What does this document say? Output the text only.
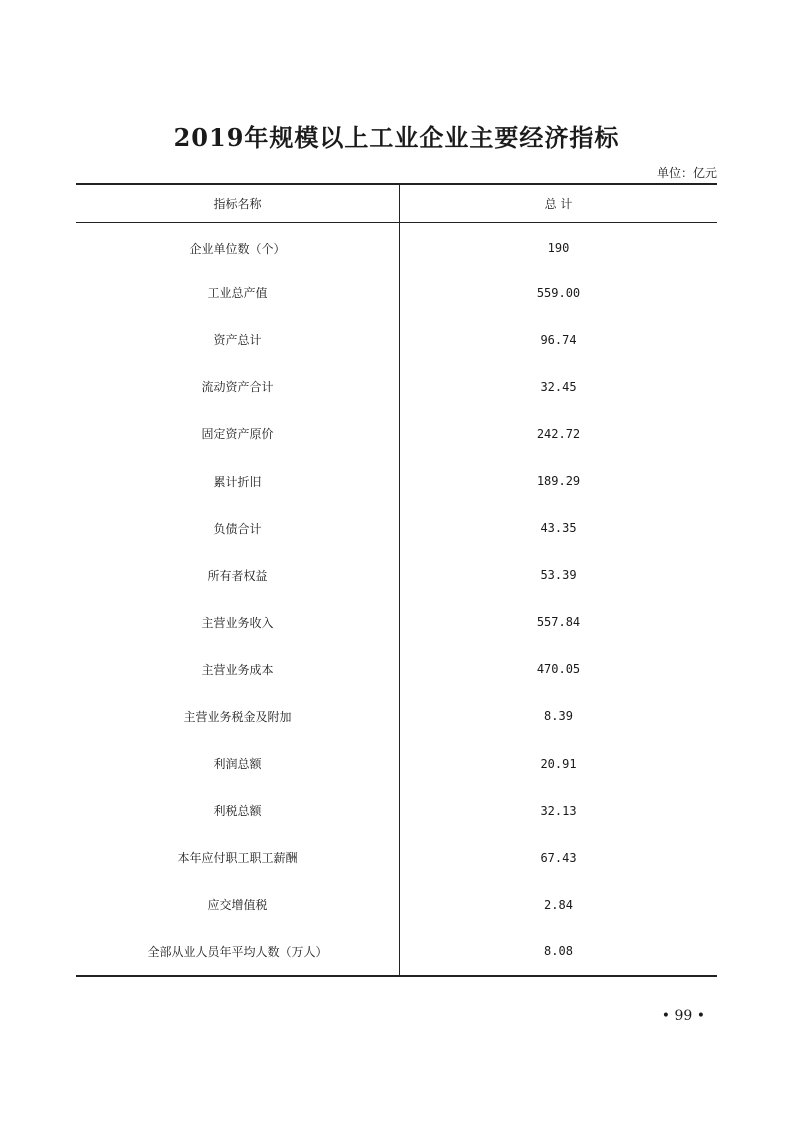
2019年规模以上工业企业主要经济指标
单位：亿元
指标名称	总 计
企业单位数（个）	190
工业总产值	559.00
资产总计	96.74
流动资产合计	32.45
固定资产原价	242.72
累计折旧	189.29
负债合计	43.35
所有者权益	53.39
主营业务收入	557.84
主营业务成本	470.05
主营业务税金及附加	8.39
利润总额	20.91
利税总额	32.13
本年应付职工职工薪酬	67.43
应交增值税	2.84
全部从业人员年平均人数（万人）	8.08
• 99 •
